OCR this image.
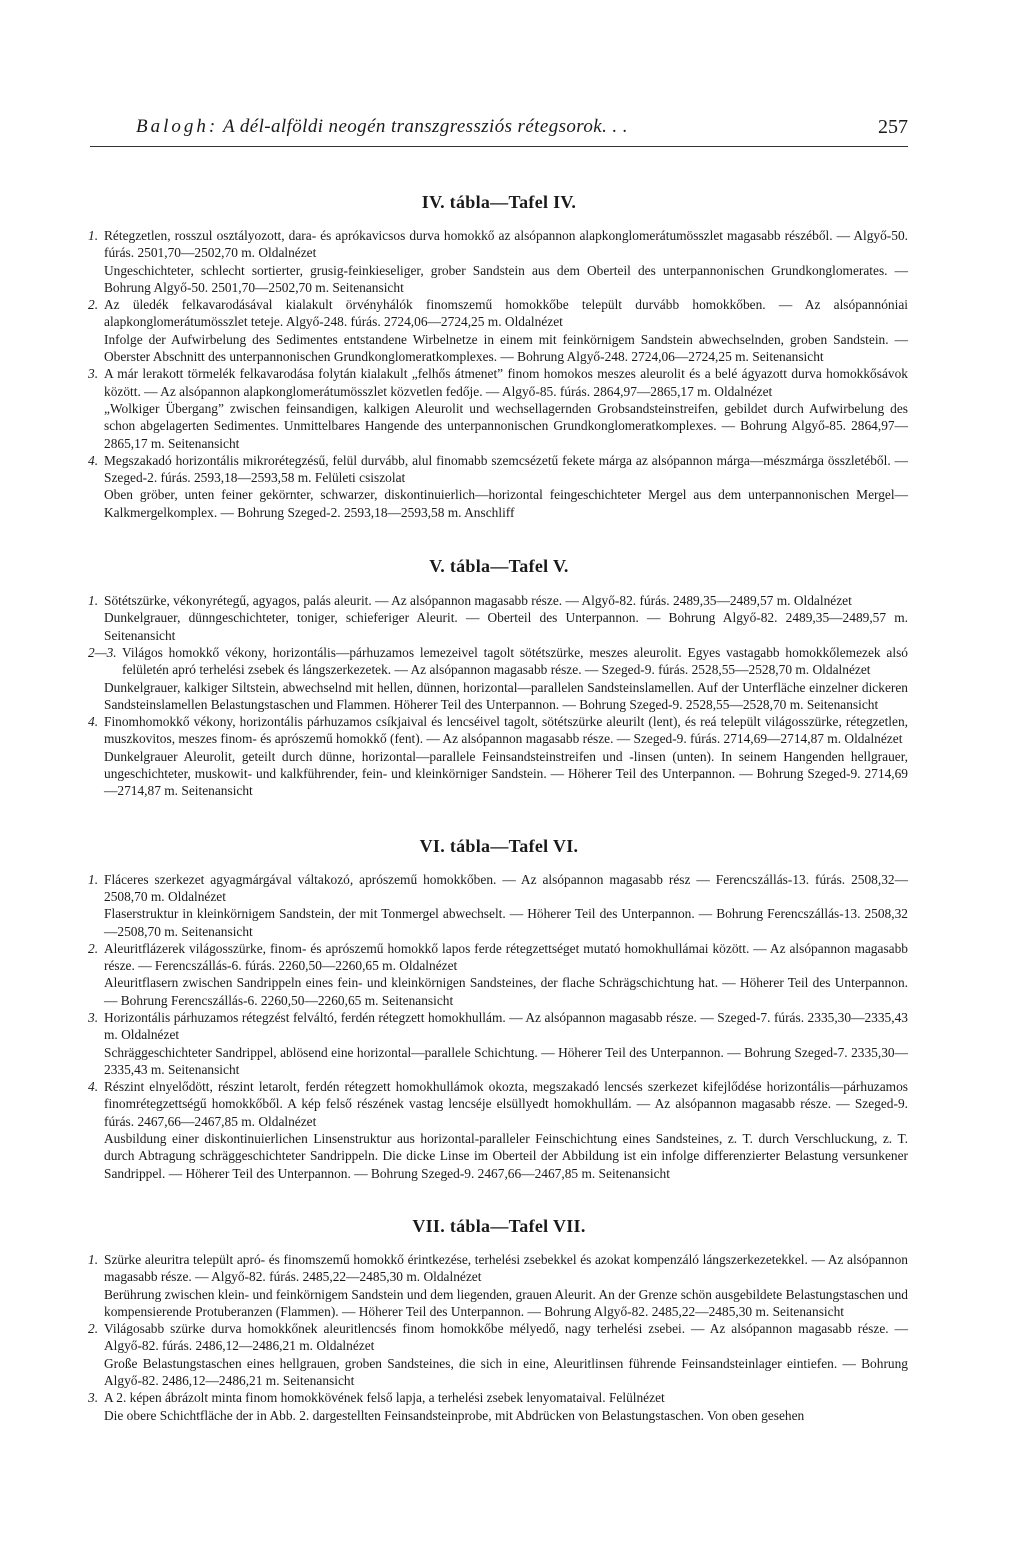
Balogh: A dél-alföldi neogén transzgressziós rétegsorok. . .	257
IV. tábla—Tafel IV.
1. Rétegzetlen, rosszul osztályozott, dara- és aprókavicsos durva homokkő az alsópannon alapkonglomerátumösszlet magasabb részéből. — Algyő-50. fúrás. 2501,70—2502,70 m. Oldalnézet

Ungeschichteter, schlecht sortierter, grusig-feinkieseliger, grober Sandstein aus dem Oberteil des unterpannonischen Grundkonglomerates. — Bohrung Algyő-50. 2501,70—2502,70 m. Seitenansicht

2. Az üledék felkavarodásával kialakult örvényhálók finomszemű homokkőbe települt durvább homokkőben. — Az alsópannóniai alapkonglomerátumösszlet teteje. Algyő-248. fúrás. 2724,06—2724,25 m. Oldalnézet

Infolge der Aufwirbelung des Sedimentes entstandene Wirbelnetze in einem mit feinkörnigem Sandstein abwechselnden, groben Sandstein. — Oberster Abschnitt des unterpannonischen Grundkonglomeratkomplexes. — Bohrung Algyő-248. 2724,06—2724,25 m. Seitenansicht

3. A már lerakott törmelék felkavarodása folytán kialakult „felhős átmenet” finom homokos meszes aleurolit és a belé ágyazott durva homokkősávok között. — Az alsópannon alapkonglomerátumösszlet közvetlen fedője. — Algyő-85. fúrás. 2864,97—2865,17 m. Oldalnézet

„Wolkiger Übergang” zwischen feinsandigen, kalkigen Aleurolit und wechsellagernden Grobsandsteinstreifen, gebildet durch Aufwirbelung des schon abgelagerten Sedimentes. Unmittelbares Hangende des unterpannonischen Grundkonglomeratkomplexes. — Bohrung Algyő-85. 2864,97—2865,17 m. Seitenansicht

4. Megszakadó horizontális mikrorétegzésű, felül durvább, alul finomabb szemcsézetű fekete márga az alsópannon márga—mészmárga összletéből. — Szeged-2. fúrás. 2593,18—2593,58 m. Felületi csiszolat

Oben gröber, unten feiner gekörnter, schwarzer, diskontinuierlich—horizontal feingeschichteter Mergel aus dem unterpannonischen Mergel—Kalkmergelkomplex. — Bohrung Szeged-2. 2593,18—2593,58 m. Anschliff

V. tábla—Tafel V.
1. Sötétszürke, vékonyrétegű, agyagos, palás aleurit. — Az alsópannon magasabb része. — Algyő-82. fúrás. 2489,35—2489,57 m. Oldalnézet

Dunkelgrauer, dünngeschichteter, toniger, schieferiger Aleurit. — Oberteil des Unterpannon. — Bohrung Algyő-82. 2489,35—2489,57 m. Seitenansicht

2—3. Világos homokkő vékony, horizontális—párhuzamos lemezeivel tagolt sötétszürke, meszes aleurolit. Egyes vastagabb homokkőlemezek alsó felületén apró terhelési zsebek és lángszerkezetek. — Az alsópannon magasabb része. — Szeged-9. fúrás. 2528,55—2528,70 m. Oldalnézet

Dunkelgrauer, kalkiger Siltstein, abwechselnd mit hellen, dünnen, horizontal—parallelen Sandsteinslamellen. Auf der Unterfläche einzelner dickeren Sandsteinslamellen Belastungstaschen und Flammen. Höherer Teil des Unterpannon. — Bohrung Szeged-9. 2528,55—2528,70 m. Seitenansicht

4. Finomhomokkő vékony, horizontális párhuzamos csíkjaival és lencséivel tagolt, sötétszürke aleurilt (lent), és reá települt világosszürke, rétegzetlen, muszkovitos, meszes finom- és aprószemű homokkő (fent). — Az alsópannon magasabb része. — Szeged-9. fúrás. 2714,69—2714,87 m. Oldalnézet

Dunkelgrauer Aleurolit, geteilt durch dünne, horizontal—parallele Feinsandsteinstreifen und -linsen (unten). In seinem Hangenden hellgrauer, ungeschichteter, muskowit- und kalkführender, fein- und kleinkörniger Sandstein. — Höherer Teil des Unterpannon. — Bohrung Szeged-9. 2714,69—2714,87 m. Seitenansicht

VI. tábla—Tafel VI.
1. Fláceres szerkezet agyagmárgával váltakozó, aprószemű homokkőben. — Az alsópannon magasabb rész — Ferencszállás-13. fúrás. 2508,32—2508,70 m. Oldalnézet

Flaserstruktur in kleinkörnigem Sandstein, der mit Tonmergel abwechselt. — Höherer Teil des Unterpannon. — Bohrung Ferencszállás-13. 2508,32—2508,70 m. Seitenansicht

2. Aleuritflázerek világosszürke, finom- és aprószemű homokkő lapos ferde rétegzettséget mutató homokhullámai között. — Az alsópannon magasabb része. — Ferencszállás-6. fúrás. 2260,50—2260,65 m. Oldalnézet

Aleuritflasern zwischen Sandrippeln eines fein- und kleinkörnigen Sandsteines, der flache Schrägschichtung hat. — Höherer Teil des Unterpannon. — Bohrung Ferencszállás-6. 2260,50—2260,65 m. Seitenansicht

3. Horizontális párhuzamos rétegzést felváltó, ferdén rétegzett homokhullám. — Az alsópannon magasabb része. — Szeged-7. fúrás. 2335,30—2335,43 m. Oldalnézet

Schräggeschichteter Sandrippel, ablösend eine horizontal—parallele Schichtung. — Höherer Teil des Unterpannon. — Bohrung Szeged-7. 2335,30—2335,43 m. Seitenansicht

4. Részint elnyelődött, részint letarolt, ferdén rétegzett homokhullámok okozta, megszakadó lencsés szerkezet kifejlődése horizontális—párhuzamos finomrétegzettségű homokkőből. A kép felső részének vastag lencséje elsüllyedt homokhullám. — Az alsópannon magasabb része. — Szeged-9. fúrás. 2467,66—2467,85 m. Oldalnézet

Ausbildung einer diskontinuierlichen Linsenstruktur aus horizontal-paralleler Feinschichtung eines Sandsteines, z. T. durch Verschluckung, z. T. durch Abtragung schräggeschichteter Sandrippeln. Die dicke Linse im Oberteil der Abbildung ist ein infolge differenzierter Belastung versunkener Sandrippel. — Höherer Teil des Unterpannon. — Bohrung Szeged-9. 2467,66—2467,85 m. Seitenansicht

VII. tábla—Tafel VII.
1. Szürke aleuritra települt apró- és finomszemű homokkő érintkezése, terhelési zsebekkel és azokat kompenzáló lángszerkezetekkel. — Az alsópannon magasabb része. — Algyő-82. fúrás. 2485,22—2485,30 m. Oldalnézet

Berührung zwischen klein- und feinkörnigem Sandstein und dem liegenden, grauen Aleurit. An der Grenze schön ausgebildete Belastungstaschen und kompensierende Protuberanzen (Flammen). — Höherer Teil des Unterpannon. — Bohrung Algyő-82. 2485,22—2485,30 m. Seitenansicht

2. Világosabb szürke durva homokkőnek aleuritlencsés finom homokkőbe mélyedő, nagy terhelési zsebei. — Az alsópannon magasabb része. — Algyő-82. fúrás. 2486,12—2486,21 m. Oldalnézet

Große Belastungstaschen eines hellgrauen, groben Sandsteines, die sich in eine, Aleuritlinsen führende Feinsandsteinlager eintiefen. — Bohrung Algyő-82. 2486,12—2486,21 m. Seitenansicht

3. A 2. képen ábrázolt minta finom homokkövének felső lapja, a terhelési zsebek lenyomataival. Felülnézet

Die obere Schichtfläche der in Abb. 2. dargestellten Feinsandsteinprobe, mit Abdrücken von Belastungstaschen. Von oben gesehen
